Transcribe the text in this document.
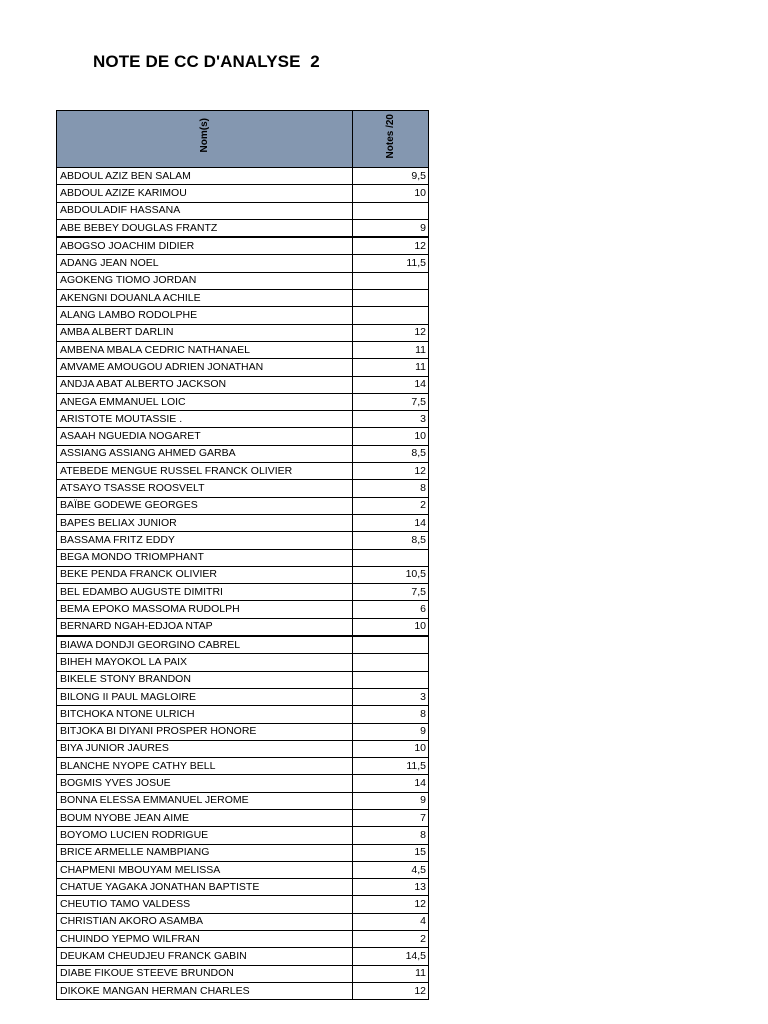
NOTE DE CC D'ANALYSE  2
Nom(s)	Notes /20
ABDOUL AZIZ BEN SALAM	9,5
ABDOUL AZIZE KARIMOU	10
ABDOULADIF HASSANA	
ABE BEBEY DOUGLAS FRANTZ	9
ABOGSO JOACHIM DIDIER	12
ADANG JEAN NOEL	11,5
AGOKENG TIOMO JORDAN	
AKENGNI DOUANLA ACHILE	
ALANG LAMBO RODOLPHE	
AMBA ALBERT DARLIN	12
AMBENA MBALA CEDRIC NATHANAEL	11
AMVAME AMOUGOU ADRIEN JONATHAN	11
ANDJA ABAT ALBERTO JACKSON	14
ANEGA EMMANUEL LOIC	7,5
ARISTOTE MOUTASSIE .	3
ASAAH NGUEDIA NOGARET	10
ASSIANG ASSIANG AHMED GARBA	8,5
ATEBEDE MENGUE RUSSEL FRANCK OLIVIER	12
ATSAYO TSASSE ROOSVELT	8
BAÏBE GODEWE GEORGES	2
BAPES BELIAX JUNIOR	14
BASSAMA FRITZ EDDY	8,5
BEGA MONDO TRIOMPHANT	
BEKE PENDA FRANCK OLIVIER	10,5
BEL EDAMBO AUGUSTE DIMITRI	7,5
BEMA EPOKO MASSOMA RUDOLPH	6
BERNARD NGAH-EDJOA NTAP	10
BIAWA DONDJI GEORGINO CABREL	
BIHEH MAYOKOL LA PAIX	
BIKELE STONY BRANDON	
BILONG II PAUL MAGLOIRE	3
BITCHOKA NTONE ULRICH	8
BITJOKA BI DIYANI PROSPER HONORE	9
BIYA JUNIOR JAURES	10
BLANCHE NYOPE CATHY BELL	11,5
BOGMIS YVES JOSUE	14
BONNA ELESSA EMMANUEL JEROME	9
BOUM NYOBE JEAN AIME	7
BOYOMO LUCIEN RODRIGUE	8
BRICE ARMELLE NAMBPIANG	15
CHAPMENI MBOUYAM MELISSA	4,5
CHATUE YAGAKA JONATHAN BAPTISTE	13
CHEUTIO TAMO VALDESS	12
CHRISTIAN AKORO ASAMBA	4
CHUINDO YEPMO WILFRAN	2
DEUKAM CHEUDJEU FRANCK GABIN	14,5
DIABE FIKOUE STEEVE BRUNDON	11
DIKOKE MANGAN HERMAN CHARLES	12
